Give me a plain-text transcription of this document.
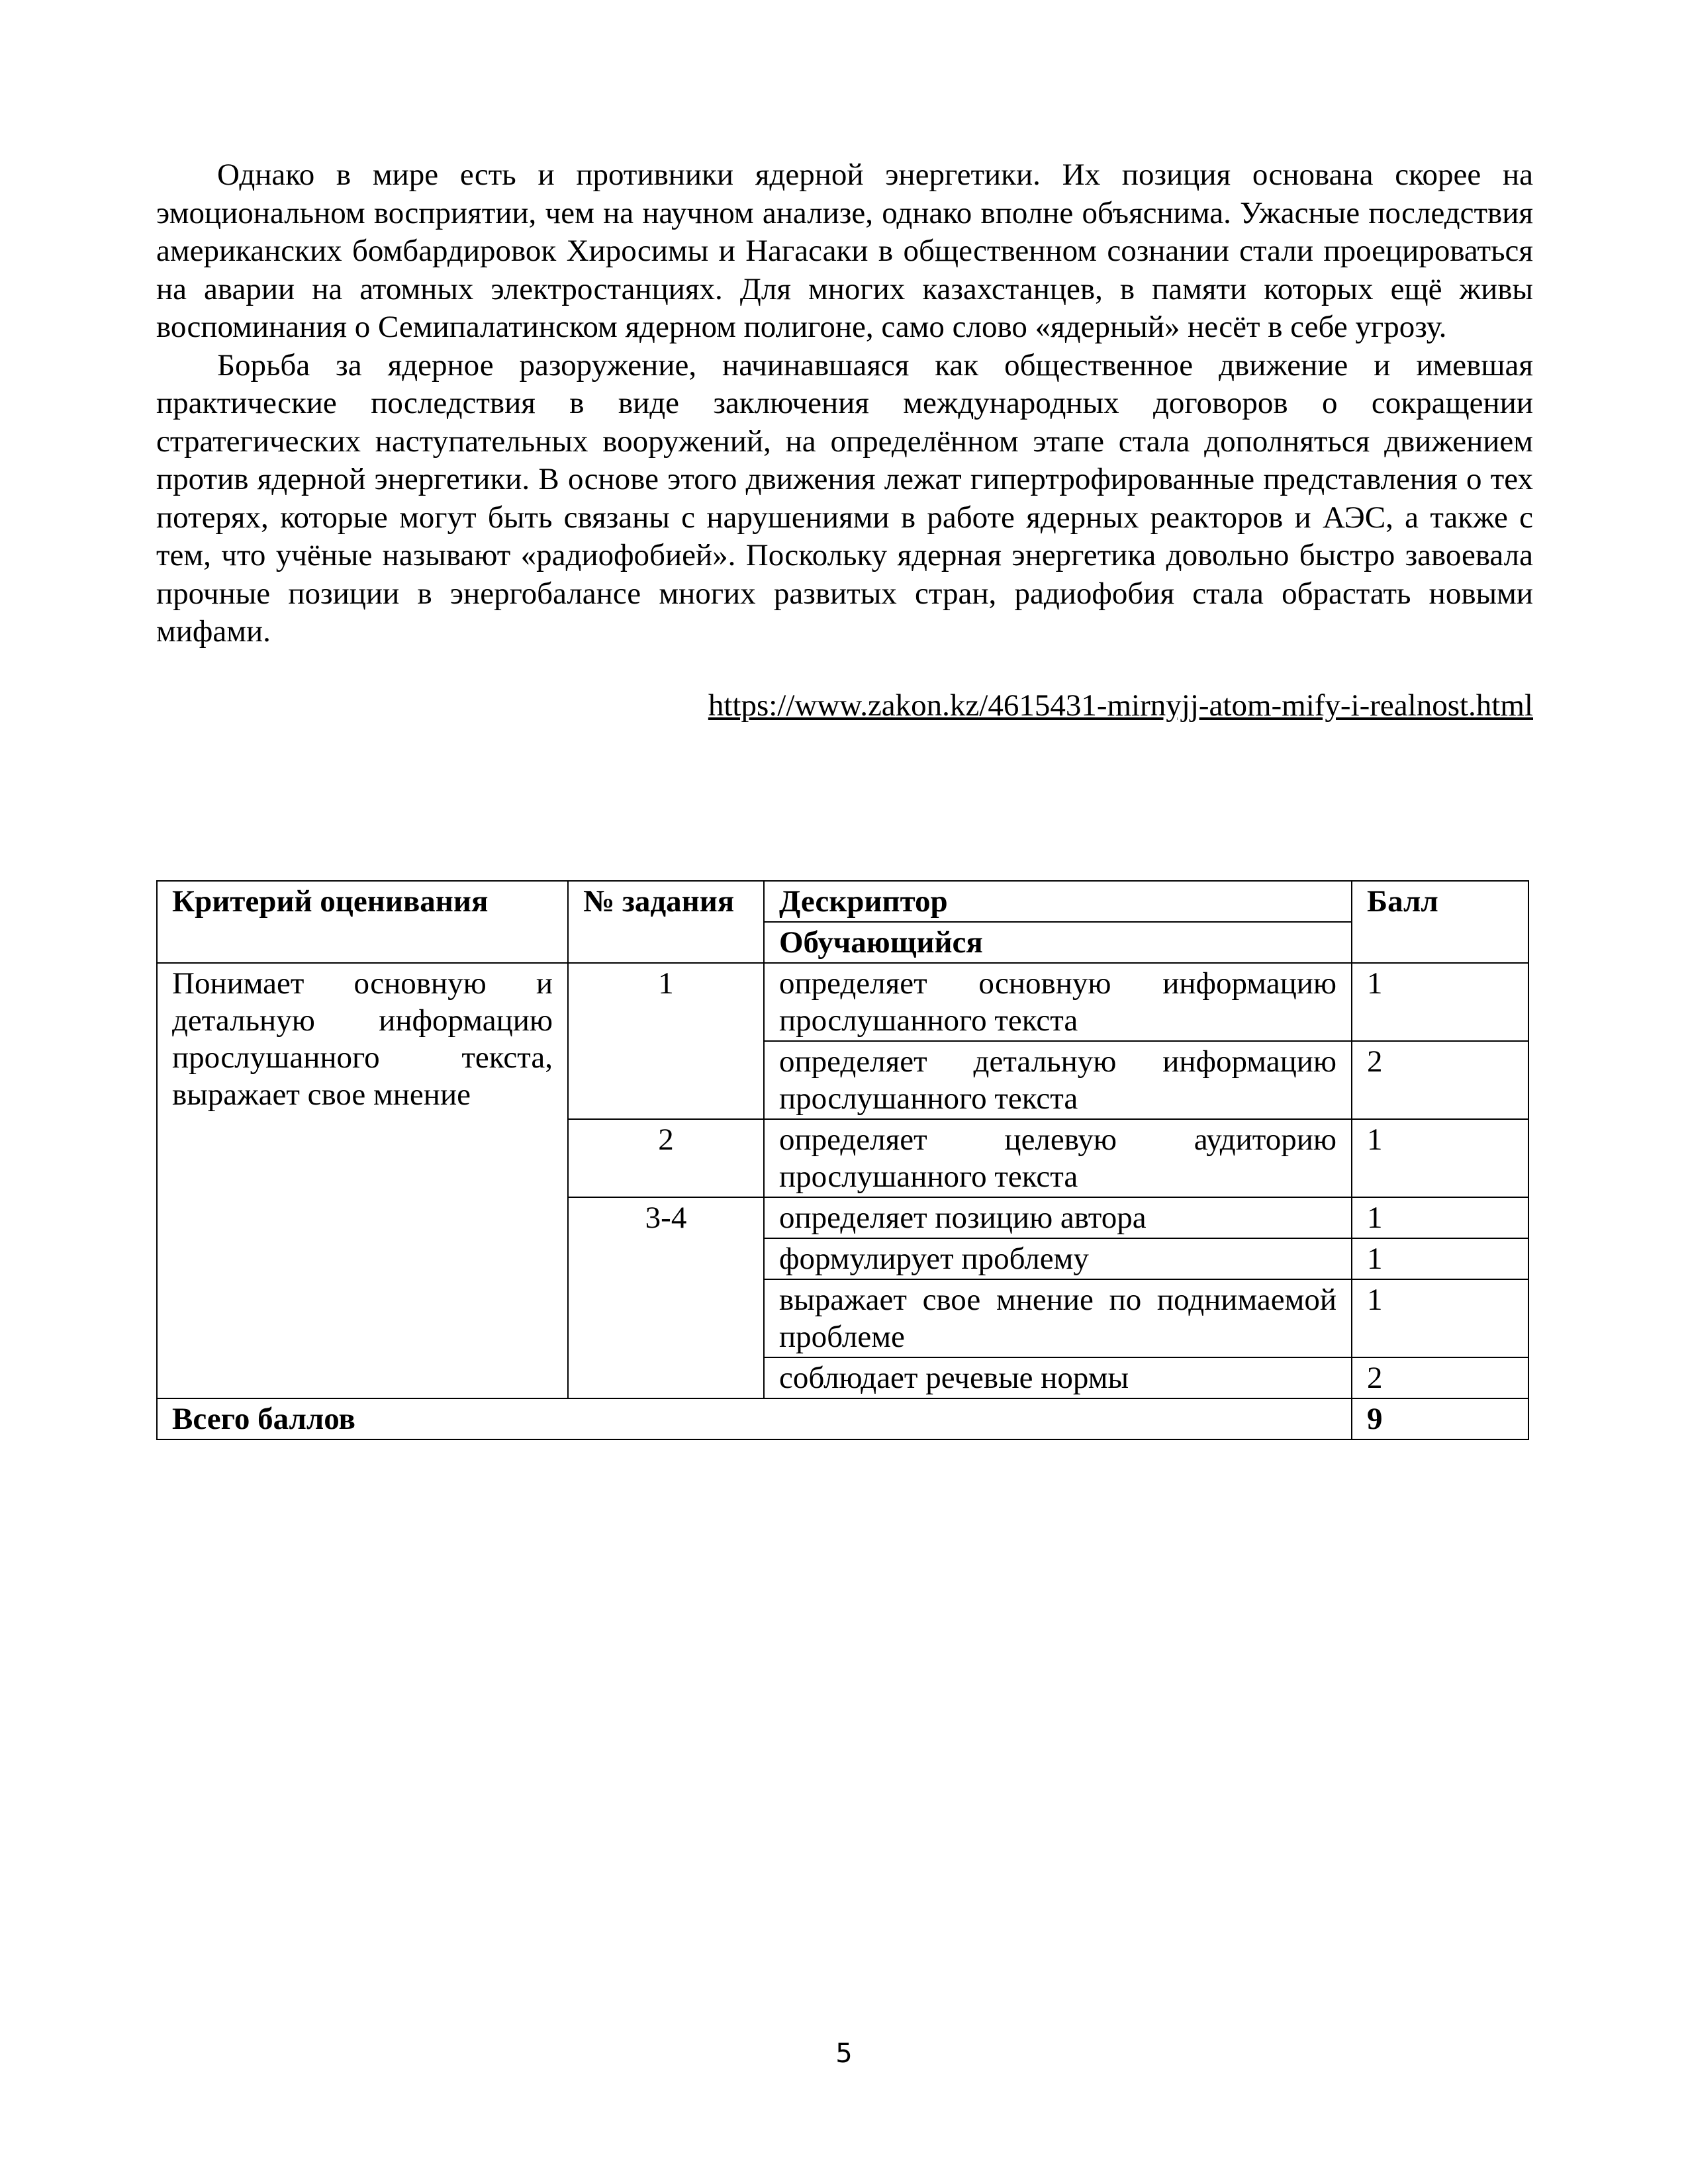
Однако в мире есть и противники ядерной энергетики. Их позиция основана скорее на эмоциональном восприятии, чем на научном анализе, однако вполне объяснима. Ужасные последствия американских бомбардировок Хиросимы и Нагасаки в общественном сознании стали проецироваться на аварии на атомных электростанциях. Для многих казахстанцев, в памяти которых ещё живы воспоминания о Семипалатинском ядерном полигоне, само слово «ядерный» несёт в себе угрозу.

Борьба за ядерное разоружение, начинавшаяся как общественное движение и имевшая практические последствия в виде заключения международных договоров о сокращении стратегических наступательных вооружений, на определённом этапе стала дополняться движением против ядерной энергетики. В основе этого движения лежат гипертрофированные представления о тех потерях, которые могут быть связаны с нарушениями в работе ядерных реакторов и АЭС, а также с тем, что учёные называют «радиофобией». Поскольку ядерная энергетика довольно быстро завоевала прочные позиции в энергобалансе многих развитых стран, радиофобия стала обрастать новыми мифами.

https://www.zakon.kz/4615431-mirnyjj-atom-mify-i-realnost.html
Критерий оценивания	№ задания	Дескриптор	Балл
		Обучающийся	
Понимает основную и детальную информацию прослушанного текста, выражает свое мнение	1	определяет основную информацию прослушанного текста	1
		определяет детальную информацию прослушанного текста	2
	2	определяет целевую аудиторию прослушанного текста	1
	3-4	определяет позицию автора	1
		формулирует проблему	1
		выражает свое мнение по поднимаемой проблеме	1
		соблюдает речевые нормы	2
Всего баллов			9
5
